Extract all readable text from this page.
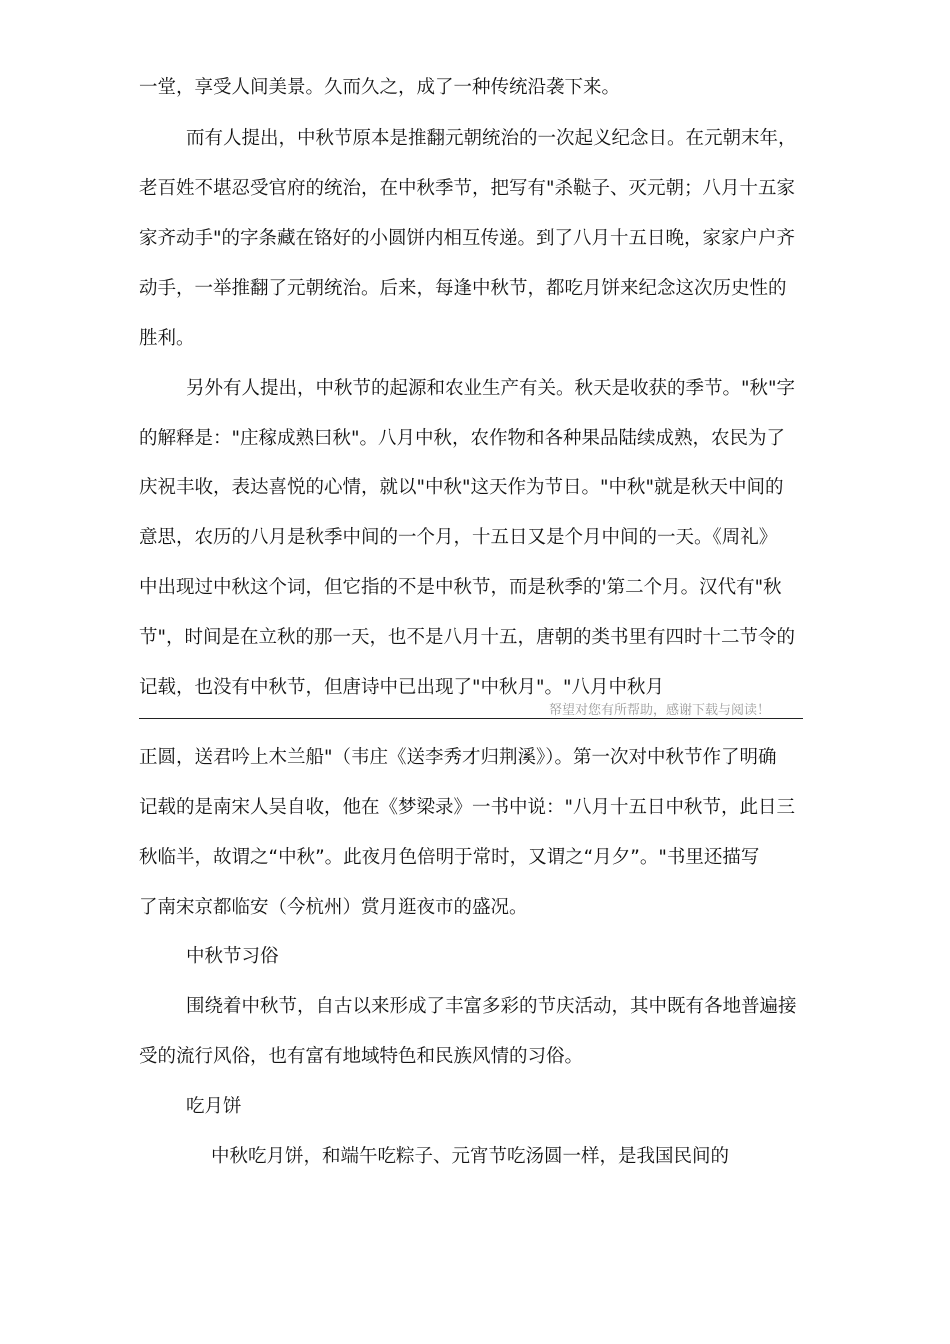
一堂，享受人间美景。久而久之，成了一种传统沿袭下来。
而有人提出，中秋节原本是推翻元朝统治的一次起义纪念日。在元朝末年，
老百姓不堪忍受官府的统治，在中秋季节，把写有"杀鞑子、灭元朝；八月十五家
家齐动手"的字条藏在铬好的小圆饼内相互传递。到了八月十五日晚，家家户户齐
动手，一举推翻了元朝统治。后来，每逢中秋节，都吃月饼来纪念这次历史性的
胜利。
另外有人提出，中秋节的起源和农业生产有关。秋天是收获的季节。"秋"字
的解释是："庄稼成熟曰秋"。八月中秋，农作物和各种果品陆续成熟，农民为了
庆祝丰收，表达喜悦的心情，就以"中秋"这天作为节日。"中秋"就是秋天中间的
意思，农历的八月是秋季中间的一个月，十五日又是个月中间的一天。《周礼》
中出现过中秋这个词，但它指的不是中秋节，而是秋季的'第二个月。汉代有"秋
节"，时间是在立秋的那一天，也不是八月十五，唐朝的类书里有四时十二节令的
记载，也没有中秋节，但唐诗中已出现了"中秋月"。"八月中秋月
帑望对您有所帮助，感谢下载与阅读！
正圆，送君吟上木兰船"（韦庄《送李秀才归荆溪》）。第一次对中秋节作了明确
记载的是南宋人吴自收，他在《梦梁录》一书中说："八月十五日中秋节，此日三
秋临半，故谓之“中秋”。此夜月色倍明于常时，又谓之“月夕”。"书里还描写
了南宋京都临安（今杭州）赏月逛夜市的盛况。
中秋节习俗
围绕着中秋节，自古以来形成了丰富多彩的节庆活动，其中既有各地普遍接
受的流行风俗，也有富有地域特色和民族风情的习俗。
吃月饼
中秋吃月饼，和端午吃粽子、元宵节吃汤圆一样，是我国民间的
